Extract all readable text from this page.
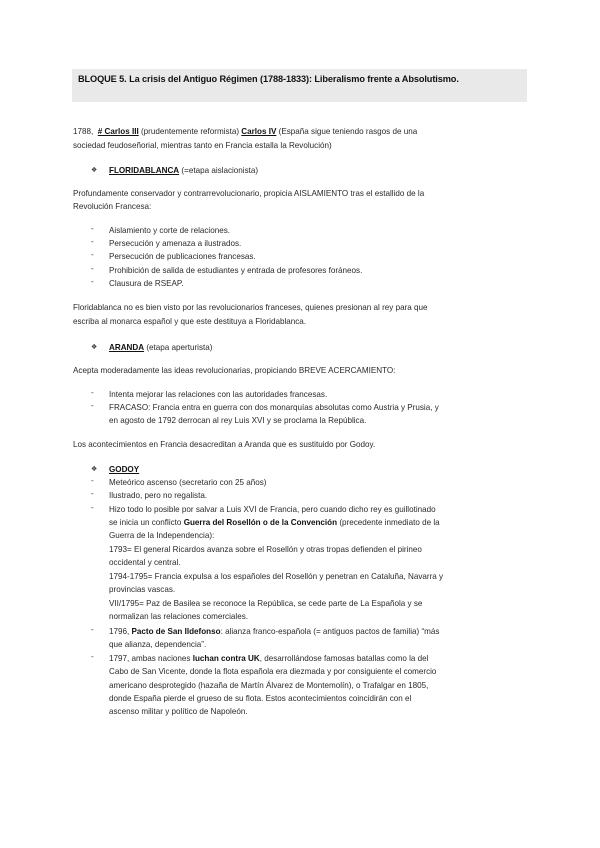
BLOQUE 5. La crisis del Antiguo Régimen (1788-1833): Liberalismo frente a Absolutismo.
1788, # Carlos III (prudentemente reformista) Carlos IV (España sigue teniendo rasgos de una
sociedad feudoseñorial, mientras tanto en Francia estalla la Revolución)
❖ FLORIDABLANCA (=etapa aislacionista)
Profundamente conservador y contrarrevolucionario, propicia AISLAMIENTO tras el estallido de la
Revolución Francesa:
- Aislamiento y corte de relaciones.
- Persecución y amenaza a ilustrados.
- Persecución de publicaciones francesas.
- Prohibición de salida de estudiantes y entrada de profesores foráneos.
- Clausura de RSEAP.
Floridablanca no es bien visto por las revolucionarios franceses, quienes presionan al rey para que
escriba al monarca español y que este destituya a Floridablanca.
❖ ARANDA (etapa aperturista)
Acepta moderadamente las ideas revolucionarias, propiciando BREVE ACERCAMIENTO:
- Intenta mejorar las relaciones con las autoridades francesas.
- FRACASO: Francia entra en guerra con dos monarquías absolutas como Austria y Prusia, y
en agosto de 1792 derrocan al rey Luis XVI y se proclama la República.
Los acontecimientos en Francia desacreditan a Aranda que es sustituido por Godoy.
❖ GODOY
- Meteórico ascenso (secretario con 25 años)
- Ilustrado, pero no regalista.
- Hizo todo lo posible por salvar a Luis XVI de Francia, pero cuando dicho rey es guillotinado
se inicia un conflicto Guerra del Rosellón o de la Convención (precedente inmediato de la
Guerra de la Independencia):
1793= El general Ricardos avanza sobre el Rosellón y otras tropas defienden el pirineo
occidental y central.
1794-1795= Francia expulsa a los españoles del Rosellón y penetran en Cataluña, Navarra y
provincias vascas.
VII/1795= Paz de Basilea se reconoce la República, se cede parte de La Española y se
normalizan las relaciones comerciales.
- 1796, Pacto de San Ildefonso: alianza franco-española (= antiguos pactos de familia) “más
que alianza, dependencia”.
- 1797, ambas naciones luchan contra UK, desarrollándose famosas batallas como la del
Cabo de San Vicente, donde la flota española era diezmada y por consiguiente el comercio
americano desprotegido (hazaña de Martín Álvarez de Montemolín), o Trafalgar en 1805,
donde España pierde el grueso de su flota. Estos acontecimientos coincidirán con el
ascenso militar y político de Napoleón.
